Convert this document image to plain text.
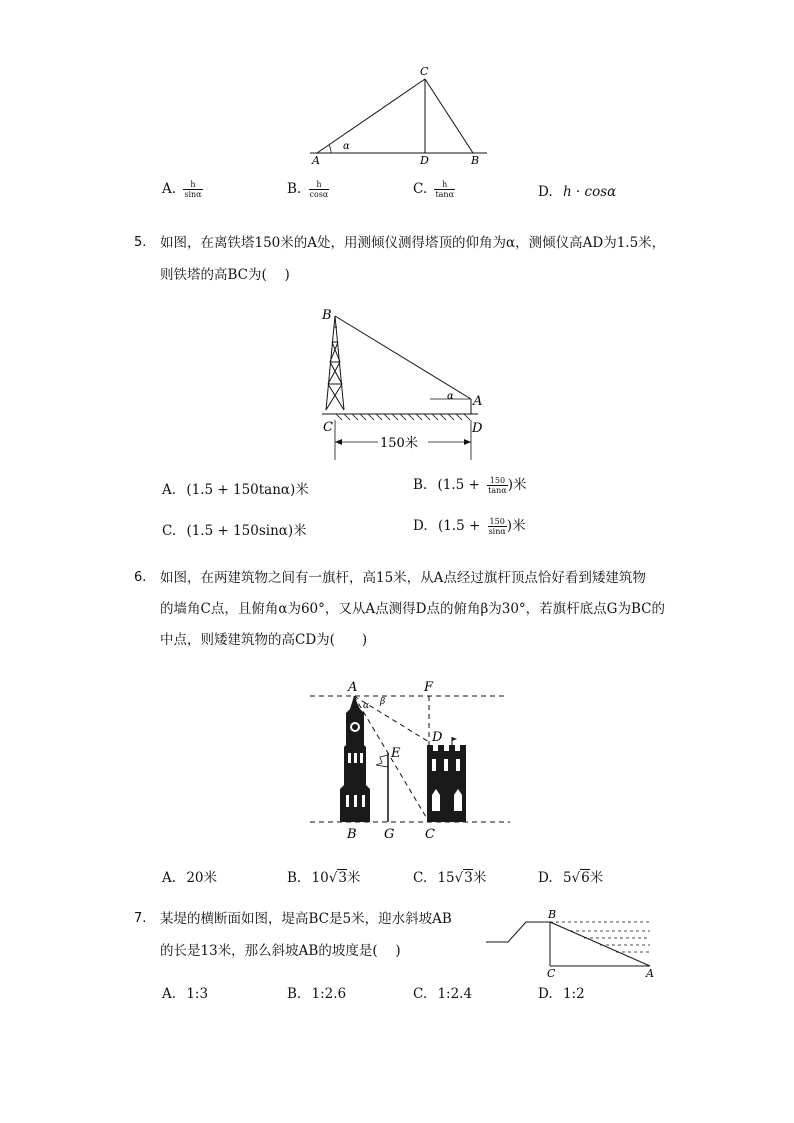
C
A	D	B
α
A. $\frac{h}{\sin\alpha}$	B. $\frac{h}{\cos\alpha}$	C. $\frac{h}{\tan\alpha}$	D. h · cosα
5. 如图，在离铁塔150米的A处，用测倾仪测得塔顶的仰角为α，测倾仪高AD为1.5米，
则铁塔的高BC为(　 )
150米
B
A
C	D
α
A. (1.5 + 150tanα)米	B. ($1.5 + \frac{150}{\tan\alpha}$ )米
C. (1.5 + 150sinα)米	D. ($1.5 + \frac{150}{\sin\alpha}$ )米
6. 如图，在两建筑物之间有一旗杆，高15米，从A点经过旗杆顶点恰好看到矮建筑物
的墙角C点，且俯角α为60°，又从A点测得D点的俯角β为30°，若旗杆底点G为BC的
中点，则矮建筑物的高CD为(　　)
A	F
D
E
B G C
α β
A. 20米	B. 10√3米	C. 15√3米	D. 5√6米
7. 某堤的横断面如图，堤高BC是5米，迎水斜坡AB
的长是13米，那么斜坡AB的坡度是(　 )
B
C	A
A. 1:3	B. 1:2.6	C. 1:2.4	D. 1:2
